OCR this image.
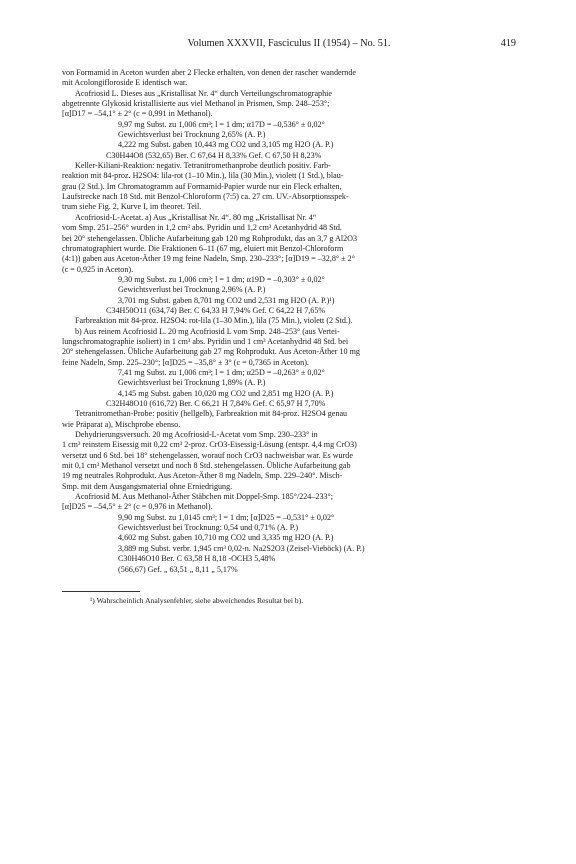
Volumen XXXVII, Fasciculus II (1954) – No. 51.	419
von Formamid in Aceton wurden aber 2 Flecke erhalten, von denen der rascher wandernde
mit Acolongifloroside E identisch war.
Acofriosid L. Dieses aus „Kristallisat Nr. 4“ durch Verteilungschromatographie
abgetrennte Glykosid kristallisierte aus viel Methanol in Prismen, Smp. 248–253°;
[α]D17 = –54,1° ± 2° (c = 0,991 in Methanol).
9,97 mg Subst. zu 1,006 cm³; l = 1 dm; α17D = –0,536° ± 0,02°
Gewichtsverlust bei Trocknung 2,65% (A. P.)
4,222 mg Subst. gaben 10,443 mg CO2 und 3,105 mg H2O (A. P.)
C30H44O8 (532,65) Ber. C 67,64 H 8,33% Gef. C 67,50 H 8,23%
Keller-Kiliani-Reaktion: negativ. Tetranitromethanprobe deutlich positiv. Farb-
reaktion mit 84-proz. H2SO4: lila-rot (1–10 Min.), lila (30 Min.), violett (1 Std.), blau-
grau (2 Std.). Im Chromatogramm auf Formamid-Papier wurde nur ein Fleck erhalten,
Laufstrecke nach 18 Std. mit Benzol-Chloroform (7:5) ca. 27 cm. UV.-Absorptionsspek-
trum siehe Fig. 2, Kurve I, im theoret. Teil.
Acofriosid-L-Acetat. a) Aus „Kristallisat Nr. 4“. 80 mg „Kristallisat Nr. 4“
vom Smp. 251–256° wurden in 1,2 cm³ abs. Pyridin und 1,2 cm³ Acetanhydrid 48 Std.
bei 20° stehengelassen. Übliche Aufarbeitung gab 120 mg Rohprodukt, das an 3,7 g Al2O3
chromatographiert wurde. Die Fraktionen 6–11 (67 mg, eluiert mit Benzol-Chloroform
(4:1)) gaben aus Aceton-Äther 19 mg feine Nadeln, Smp. 230–233°; [α]D19 = –32,8° ± 2°
(c = 0,925 in Aceton).
9,30 mg Subst. zu 1,006 cm³; l = 1 dm; α19D = –0,303° ± 0,02°
Gewichtsverlust bei Trocknung 2,96% (A. P.)
3,701 mg Subst. gaben 8,701 mg CO2 und 2,531 mg H2O (A. P.)¹)
C34H50O11 (634,74) Ber. C 64,33 H 7,94% Gef. C 64,22 H 7,65%
Farbreaktion mit 84-proz. H2SO4: rot-lila (1–30 Min.), lila (75 Min.), violett (2 Std.).
b) Aus reinem Acofriosid L. 20 mg Acofriosid L vom Smp. 248–253° (aus Vertei-
lungschromatographie isoliert) in 1 cm³ abs. Pyridin und 1 cm³ Acetanhydrid 48 Std. bei
20° stehengelassen. Übliche Aufarbeitung gab 27 mg Rohprodukt. Aus Aceton-Äther 10 mg
feine Nadeln, Smp. 225–230°; [α]D25 = –35,8° ± 3° (c = 0,7365 in Aceton).
7,41 mg Subst. zu 1,006 cm³; l = 1 dm; α25D = –0,263° ± 0,02°
Gewichtsverlust bei Trocknung 1,89% (A. P.)
4,145 mg Subst. gaben 10,020 mg CO2 und 2,851 mg H2O (A. P.)
C32H48O10 (616,72) Ber. C 66,21 H 7,84% Gef. C 65,97 H 7,70%
Tetranitromethan-Probe: positiv (hellgelb), Farbreaktion mit 84-proz. H2SO4 genau
wie Präparat a), Mischprobe ebenso.
Dehydrierungsversuch. 20 mg Acofriosid-L-Acetat vom Smp. 230–233° in
1 cm³ reinstem Eisessig mit 0,22 cm³ 2-proz. CrO3-Eisessig-Lösung (entspr. 4,4 mg CrO3)
versetzt und 6 Std. bei 18° stehengelassen, worauf noch CrO3 nachweisbar war. Es wurde
mit 0,1 cm³ Methanol versetzt und noch 8 Std. stehengelassen. Übliche Aufarbeitung gab
19 mg neutrales Rohprodukt. Aus Aceton-Äther 8 mg Nadeln, Smp. 229–240°. Misch-
Smp. mit dem Ausgangsmaterial ohne Erniedrigung.
Acofriosid M. Aus Methanol-Äther Stäbchen mit Doppel-Smp. 185°/224–233°;
[α]D25 = –54,5° ± 2° (c = 0,976 in Methanol).
9,90 mg Subst. zu 1,0145 cm³; l = 1 dm; [α]D25 = –0,531° ± 0,02°
Gewichtsverlust bei Trocknung: 0,54 und 0,71% (A. P.)
4,602 mg Subst. gaben 10,710 mg CO2 und 3,335 mg H2O (A. P.)
3,889 mg Subst. verbr. 1,945 cm³ 0,02-n. Na2S2O3 (Zeisel-Vieböck) (A. P.)
C30H46O10 Ber. C 63,58 H 8,18 -OCH3 5,48%
(566,67) Gef. „ 63,51 „ 8,11 „ 5,17%
¹) Wahrscheinlich Analysenfehler, siehe abweichendes Resultat bei b).
